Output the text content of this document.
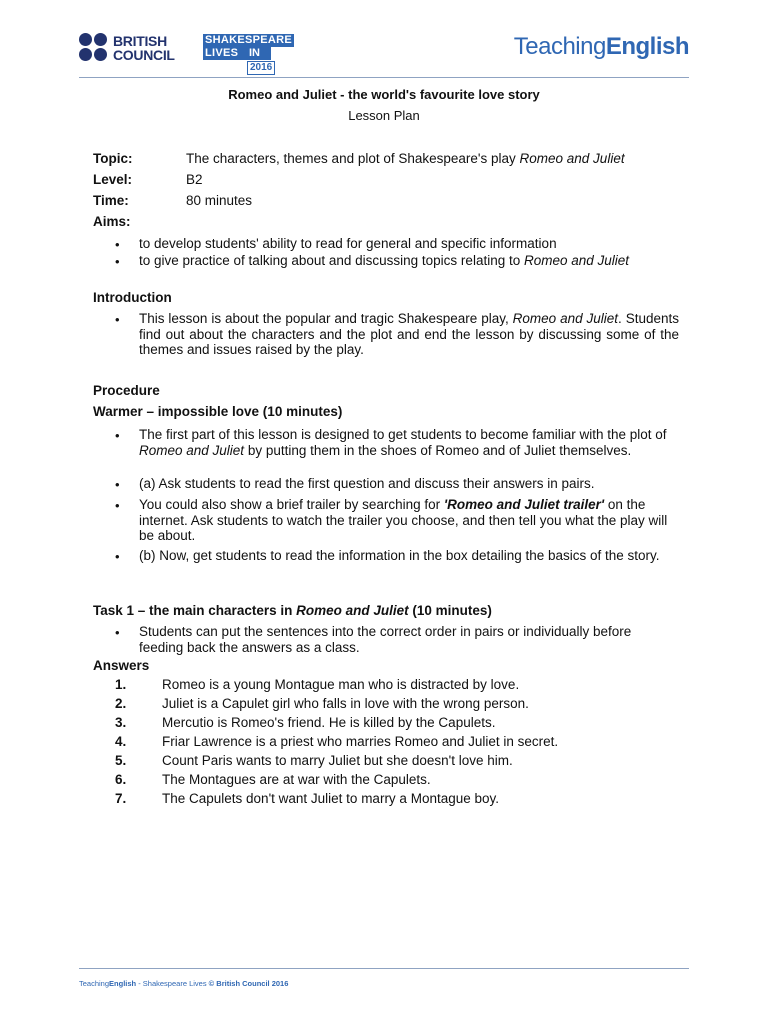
BRITISH
COUNCIL
SHAKESPEARE
LIVES IN
2016
TeachingEnglish
Romeo and Juliet - the world's favourite love story
Lesson Plan
Topic:	The characters, themes and plot of Shakespeare's play Romeo and Juliet
Level:	B2
Time:	80 minutes
Aims:
• to develop students' ability to read for general and specific information
• to give practice of talking about and discussing topics relating to Romeo and Juliet
Introduction
• This lesson is about the popular and tragic Shakespeare play, Romeo and Juliet. Students find out about the characters and the plot and end the lesson by discussing some of the themes and issues raised by the play.
Procedure
Warmer – impossible love (10 minutes)
• The first part of this lesson is designed to get students to become familiar with the plot of Romeo and Juliet by putting them in the shoes of Romeo and of Juliet themselves.
• (a) Ask students to read the first question and discuss their answers in pairs.
• You could also show a brief trailer by searching for 'Romeo and Juliet trailer' on the internet. Ask students to watch the trailer you choose, and then tell you what the play will be about.
• (b) Now, get students to read the information in the box detailing the basics of the story.
Task 1 – the main characters in Romeo and Juliet (10 minutes)
• Students can put the sentences into the correct order in pairs or individually before feeding back the answers as a class.
Answers
1.	Romeo is a young Montague man who is distracted by love.
2.	Juliet is a Capulet girl who falls in love with the wrong person.
3.	Mercutio is Romeo's friend. He is killed by the Capulets.
4.	Friar Lawrence is a priest who marries Romeo and Juliet in secret.
5.	Count Paris wants to marry Juliet but she doesn't love him.
6.	The Montagues are at war with the Capulets.
7.	The Capulets don't want Juliet to marry a Montague boy.
TeachingEnglish - Shakespeare Lives © British Council 2016
